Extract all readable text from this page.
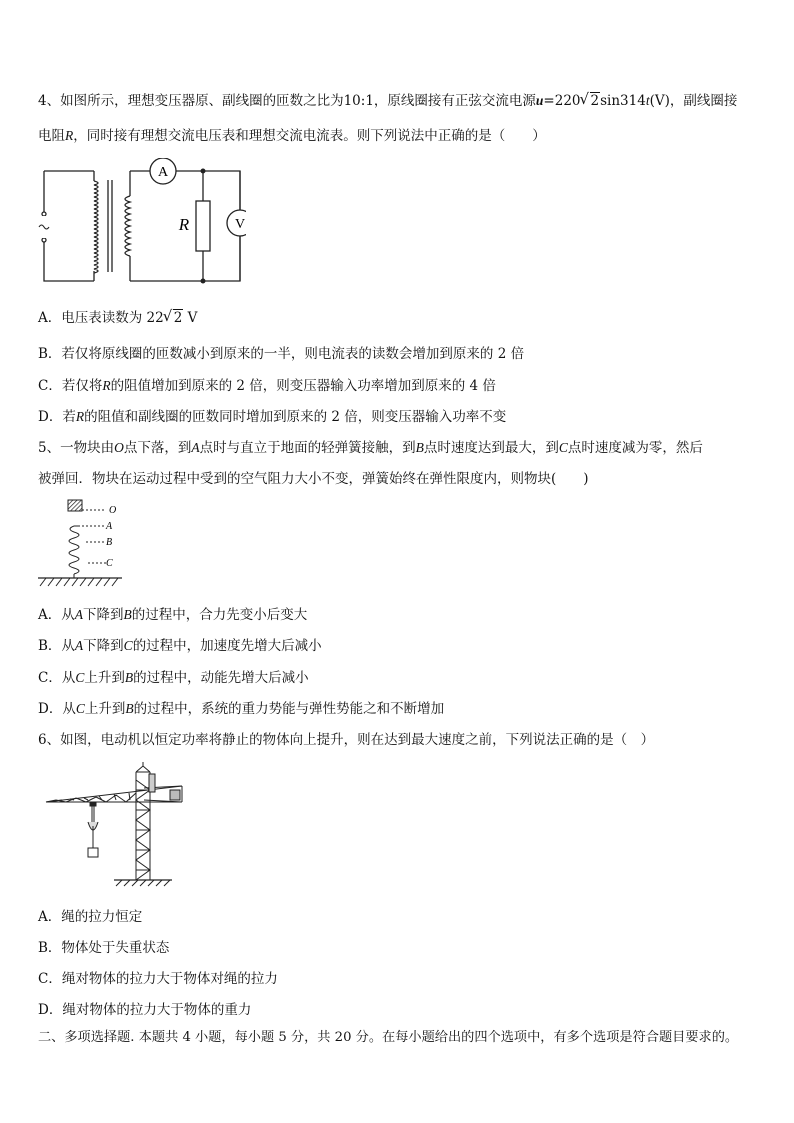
4、如图所示，理想变压器原、副线圈的匝数之比为10:1，原线圈接有正弦交流电源u=220 √ 2sin314t(V)，副线圈接
电阻R，同时接有理想交流电压表和理想交流电流表。则下列说法中正确的是（　　）
A
V
R
A．电压表读数为 22 √ 2 V
B．若仅将原线圈的匝数减小到原来的一半，则电流表的读数会增加到原来的 2 倍
C．若仅将R的阻值增加到原来的 2 倍，则变压器输入功率增加到原来的 4 倍
D．若R的阻值和副线圈的匝数同时增加到原来的 2 倍，则变压器输入功率不变
5、一物块由O点下落，到A点时与直立于地面的轻弹簧接触，到B点时速度达到最大，到C点时速度减为零，然后
被弹回．物块在运动过程中受到的空气阻力大小不变，弹簧始终在弹性限度内，则物块(　　)
O
A
B
C
A．从A下降到B的过程中，合力先变小后变大
B．从A下降到C的过程中，加速度先增大后减小
C．从C上升到B的过程中，动能先增大后减小
D．从C上升到B的过程中，系统的重力势能与弹性势能之和不断增加
6、如图，电动机以恒定功率将静止的物体向上提升，则在达到最大速度之前，下列说法正确的是（　）
A．绳的拉力恒定
B．物体处于失重状态
C．绳对物体的拉力大于物体对绳的拉力
D．绳对物体的拉力大于物体的重力
二、多项选择题. 本题共 4 小题，每小题 5 分，共 20 分。在每小题给出的四个选项中，有多个选项是符合题目要求的。
